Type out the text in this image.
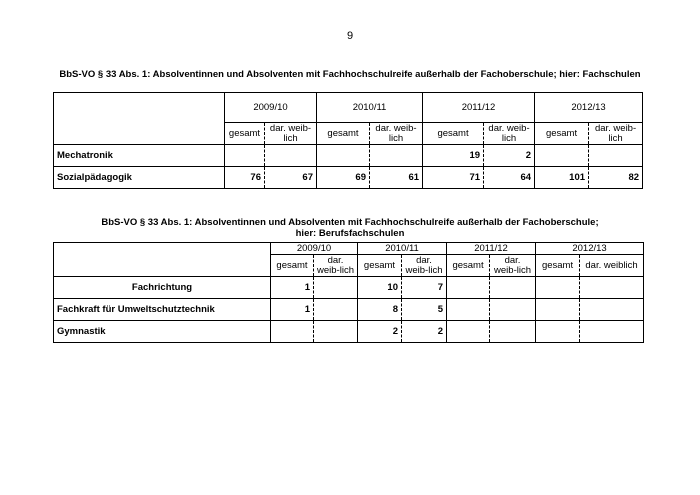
9
BbS-VO § 33 Abs. 1: Absolventinnen und Absolventen mit Fachhochschulreife außerhalb der Fachoberschule; hier: Fachschulen
	2009/10		2010/11		2011/12		2012/13	
	gesamt	dar. weib-lich	gesamt	dar. weib-lich	gesamt	dar. weib-lich	gesamt	dar. weib-lich
Mechatronik					19	2		
Sozialpädagogik	76	67	69	61	71	64	101	82
BbS-VO § 33 Abs. 1: Absolventinnen und Absolventen mit Fachhochschulreife außerhalb der Fachoberschule;
hier: Berufsfachschulen
	2009/10		2010/11		2011/12		2012/13	
	gesamt	dar. weib-lich	gesamt	dar. weib-lich	gesamt	dar. weib-lich	gesamt	dar. weiblich
Fachrichtung	1		10	7				
Fachkraft für Umweltschutztechnik	1		8	5				
Gymnastik			2	2				
